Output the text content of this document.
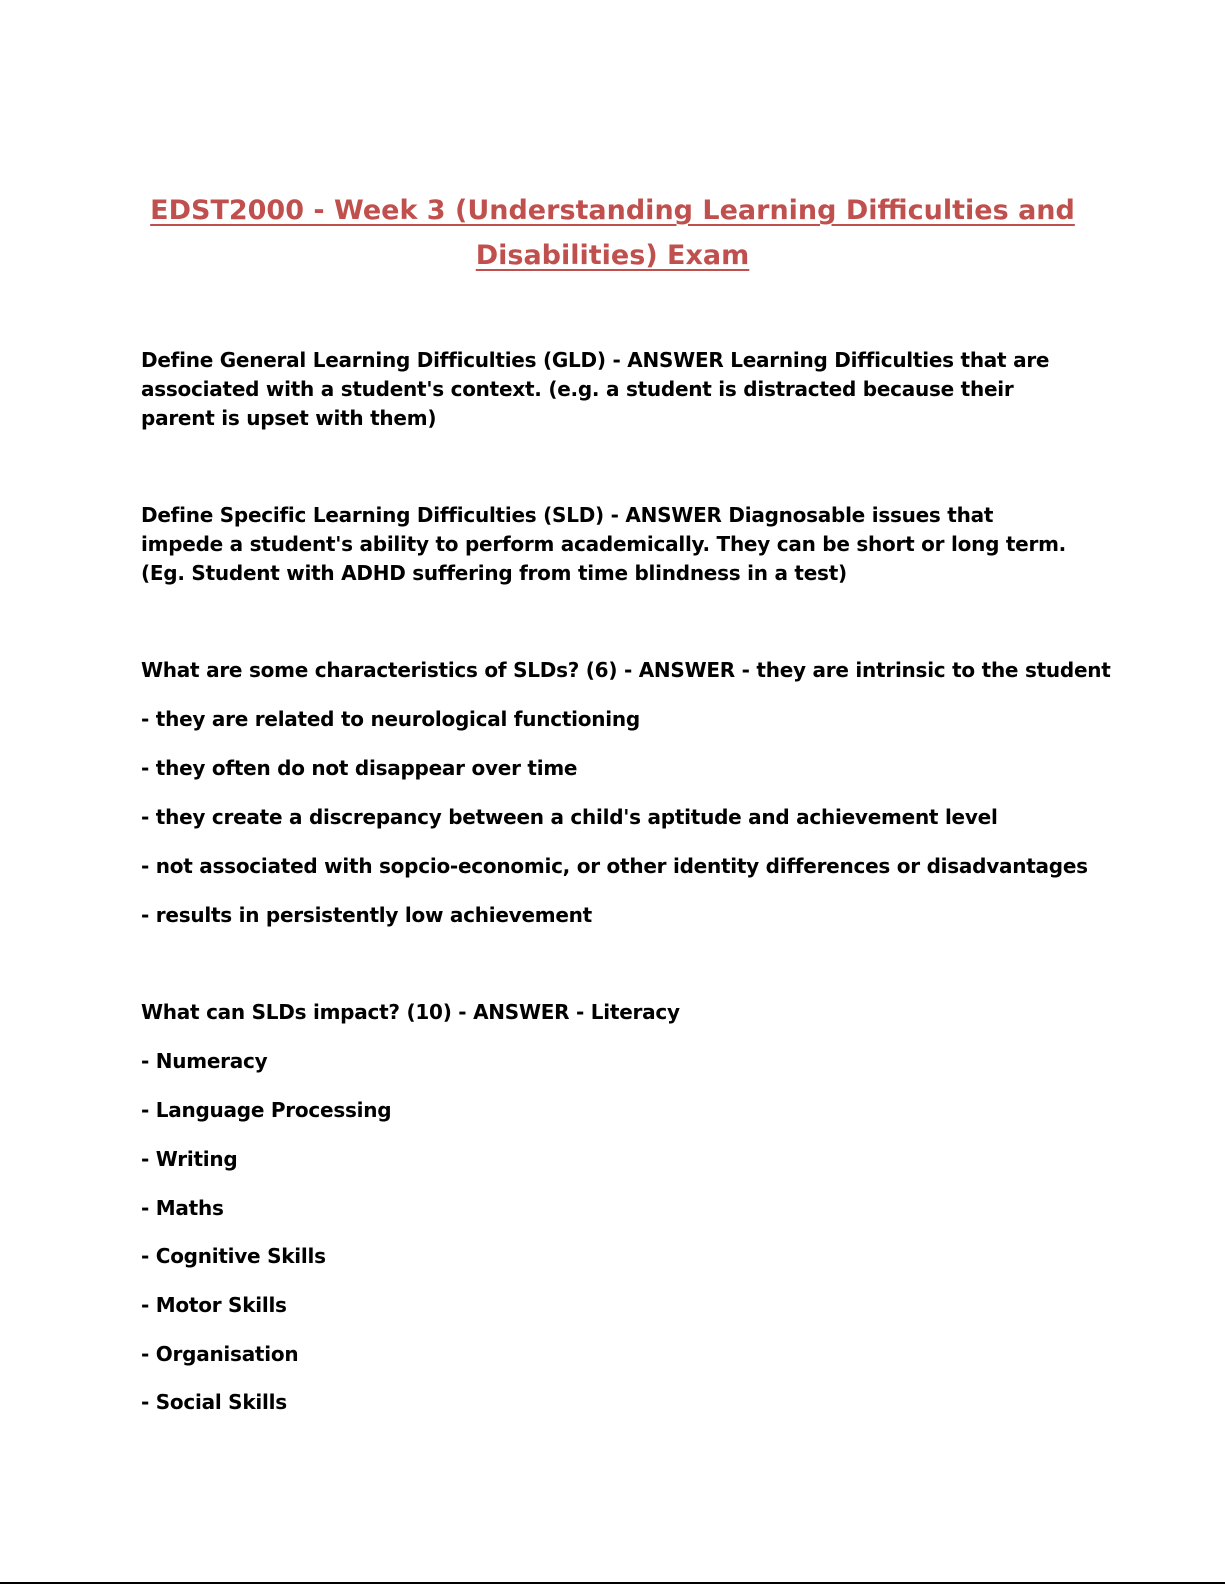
EDST2000 - Week 3 (Understanding Learning Difficulties and Disabilities) Exam
Define General Learning Difficulties (GLD) - ANSWER Learning Difficulties that are associated with a student's context. (e.g. a student is distracted because their parent is upset with them)
Define Specific Learning Difficulties (SLD) - ANSWER Diagnosable issues that impede a student's ability to perform academically. They can be short or long term. (Eg. Student with ADHD suffering from time blindness in a test)
What are some characteristics of SLDs? (6) - ANSWER - they are intrinsic to the student
- they are related to neurological functioning
- they often do not disappear over time
- they create a discrepancy between a child's aptitude and achievement level
- not associated with sopcio-economic, or other identity differences or disadvantages
- results in persistently low achievement
What can SLDs impact? (10) - ANSWER - Literacy
- Numeracy
- Language Processing
- Writing
- Maths
- Cognitive Skills
- Motor Skills
- Organisation
- Social Skills
